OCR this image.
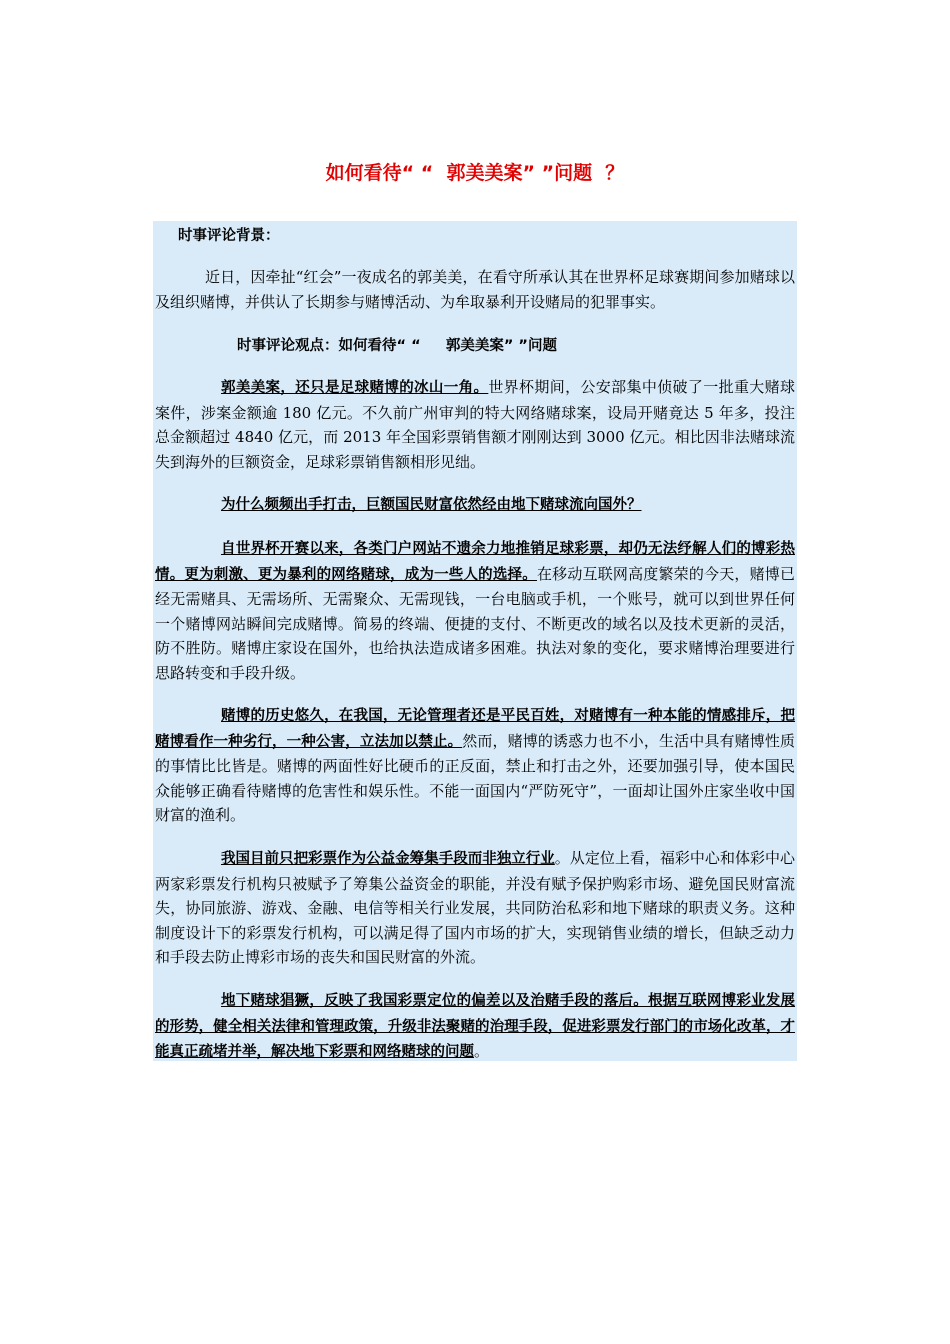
如何看待“ “  郭美美案” ”问题  ？
时事评论背景：
近日，因牵扯“红会”一夜成名的郭美美，在看守所承认其在世界杯足球赛期间参加赌球以及组织赌博，并供认了长期参与赌博活动、为牟取暴利开设赌局的犯罪事实。
时事评论观点：如何看待“ “     郭美美案” ”问题
郭美美案，还只是足球赌博的冰山一角。世界杯期间，公安部集中侦破了一批重大赌球案件，涉案金额逾 180 亿元。不久前广州审判的特大网络赌球案，设局开赌竟达 5 年多，投注总金额超过 4840 亿元，而 2013 年全国彩票销售额才刚刚达到 3000 亿元。相比因非法赌球流失到海外的巨额资金，足球彩票销售额相形见绌。
为什么频频出手打击，巨额国民财富依然经由地下赌球流向国外？
自世界杯开赛以来，各类门户网站不遗余力地推销足球彩票，却仍无法纾解人们的博彩热情。更为刺激、更为暴利的网络赌球，成为一些人的选择。在移动互联网高度繁荣的今天，赌博已经无需赌具、无需场所、无需聚众、无需现钱，一台电脑或手机，一个账号，就可以到世界任何一个赌博网站瞬间完成赌博。简易的终端、便捷的支付、不断更改的域名以及技术更新的灵活，防不胜防。赌博庄家设在国外，也给执法造成诸多困难。执法对象的变化，要求赌博治理要进行思路转变和手段升级。
赌博的历史悠久，在我国，无论管理者还是平民百姓，对赌博有一种本能的情感排斥，把赌博看作一种劣行，一种公害，立法加以禁止。然而，赌博的诱惑力也不小，生活中具有赌博性质的事情比比皆是。赌博的两面性好比硬币的正反面，禁止和打击之外，还要加强引导，使本国民众能够正确看待赌博的危害性和娱乐性。不能一面国内“严防死守”，一面却让国外庄家坐收中国财富的渔利。
我国目前只把彩票作为公益金筹集手段而非独立行业。从定位上看，福彩中心和体彩中心两家彩票发行机构只被赋予了筹集公益资金的职能，并没有赋予保护购彩市场、避免国民财富流失，协同旅游、游戏、金融、电信等相关行业发展，共同防治私彩和地下赌球的职责义务。这种制度设计下的彩票发行机构，可以满足得了国内市场的扩大，实现销售业绩的增长，但缺乏动力和手段去防止博彩市场的丧失和国民财富的外流。
地下赌球猖獗，反映了我国彩票定位的偏差以及治赌手段的落后。根据互联网博彩业发展的形势，健全相关法律和管理政策，升级非法聚赌的治理手段，促进彩票发行部门的市场化改革，才能真正疏堵并举，解决地下彩票和网络赌球的问题。
